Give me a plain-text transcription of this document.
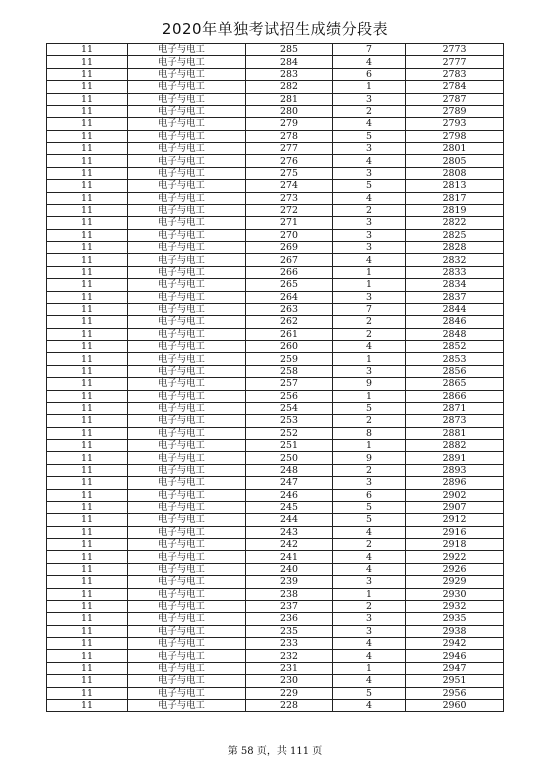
2020年单独考试招生成绩分段表
11	电子与电工	285	7	2773
11	电子与电工	284	4	2777
11	电子与电工	283	6	2783
11	电子与电工	282	1	2784
11	电子与电工	281	3	2787
11	电子与电工	280	2	2789
11	电子与电工	279	4	2793
11	电子与电工	278	5	2798
11	电子与电工	277	3	2801
11	电子与电工	276	4	2805
11	电子与电工	275	3	2808
11	电子与电工	274	5	2813
11	电子与电工	273	4	2817
11	电子与电工	272	2	2819
11	电子与电工	271	3	2822
11	电子与电工	270	3	2825
11	电子与电工	269	3	2828
11	电子与电工	267	4	2832
11	电子与电工	266	1	2833
11	电子与电工	265	1	2834
11	电子与电工	264	3	2837
11	电子与电工	263	7	2844
11	电子与电工	262	2	2846
11	电子与电工	261	2	2848
11	电子与电工	260	4	2852
11	电子与电工	259	1	2853
11	电子与电工	258	3	2856
11	电子与电工	257	9	2865
11	电子与电工	256	1	2866
11	电子与电工	254	5	2871
11	电子与电工	253	2	2873
11	电子与电工	252	8	2881
11	电子与电工	251	1	2882
11	电子与电工	250	9	2891
11	电子与电工	248	2	2893
11	电子与电工	247	3	2896
11	电子与电工	246	6	2902
11	电子与电工	245	5	2907
11	电子与电工	244	5	2912
11	电子与电工	243	4	2916
11	电子与电工	242	2	2918
11	电子与电工	241	4	2922
11	电子与电工	240	4	2926
11	电子与电工	239	3	2929
11	电子与电工	238	1	2930
11	电子与电工	237	2	2932
11	电子与电工	236	3	2935
11	电子与电工	235	3	2938
11	电子与电工	233	4	2942
11	电子与电工	232	4	2946
11	电子与电工	231	1	2947
11	电子与电工	230	4	2951
11	电子与电工	229	5	2956
11	电子与电工	228	4	2960
第 58 页，共 111 页
